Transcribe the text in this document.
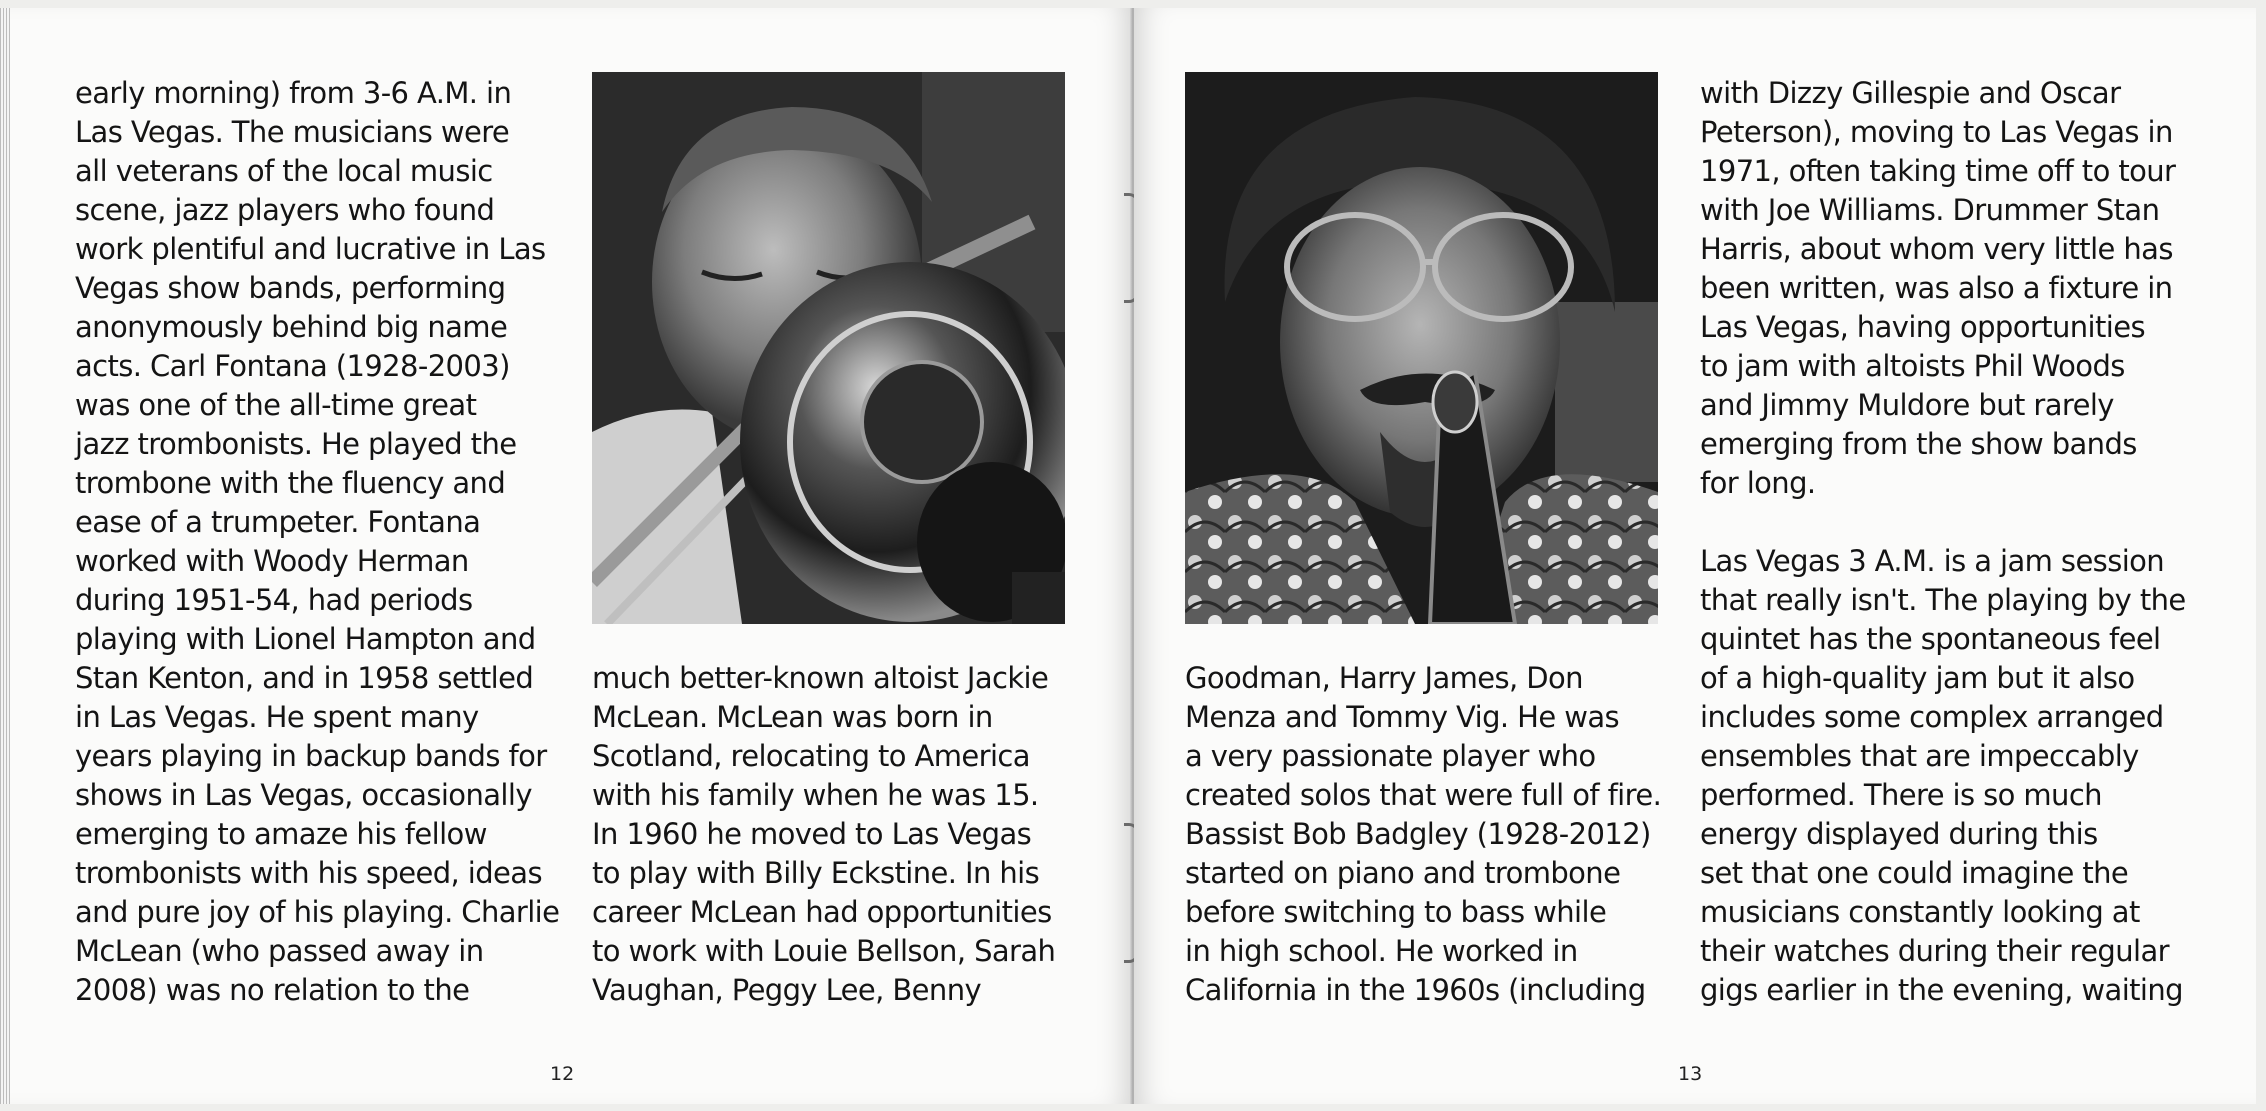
early morning) from 3-6 A.M. in
Las Vegas. The musicians were
all veterans of the local music
scene, jazz players who found
work plentiful and lucrative in Las
Vegas show bands, performing
anonymously behind big name
acts. Carl Fontana (1928-2003)
was one of the all-time great
jazz trombonists. He played the
trombone with the fluency and
ease of a trumpeter. Fontana
worked with Woody Herman
during 1951-54, had periods
playing with Lionel Hampton and
Stan Kenton, and in 1958 settled
in Las Vegas. He spent many
years playing in backup bands for
shows in Las Vegas, occasionally
emerging to amaze his fellow
trombonists with his speed, ideas
and pure joy of his playing. Charlie
McLean (who passed away in
2008) was no relation to the
much better-known altoist Jackie
McLean. McLean was born in
Scotland, relocating to America
with his family when he was 15.
In 1960 he moved to Las Vegas
to play with Billy Eckstine. In his
career McLean had opportunities
to work with Louie Bellson, Sarah
Vaughan, Peggy Lee, Benny
12
Goodman, Harry James, Don
Menza and Tommy Vig. He was
a very passionate player who
created solos that were full of fire.
Bassist Bob Badgley (1928-2012)
started on piano and trombone
before switching to bass while
in high school. He worked in
California in the 1960s (including
with Dizzy Gillespie and Oscar
Peterson), moving to Las Vegas in
1971, often taking time off to tour
with Joe Williams. Drummer Stan
Harris, about whom very little has
been written, was also a fixture in
Las Vegas, having opportunities
to jam with altoists Phil Woods
and Jimmy Muldore but rarely
emerging from the show bands
for long.
Las Vegas 3 A.M. is a jam session
that really isn't. The playing by the
quintet has the spontaneous feel
of a high-quality jam but it also
includes some complex arranged
ensembles that are impeccably
performed. There is so much
energy displayed during this
set that one could imagine the
musicians constantly looking at
their watches during their regular
gigs earlier in the evening, waiting
13
